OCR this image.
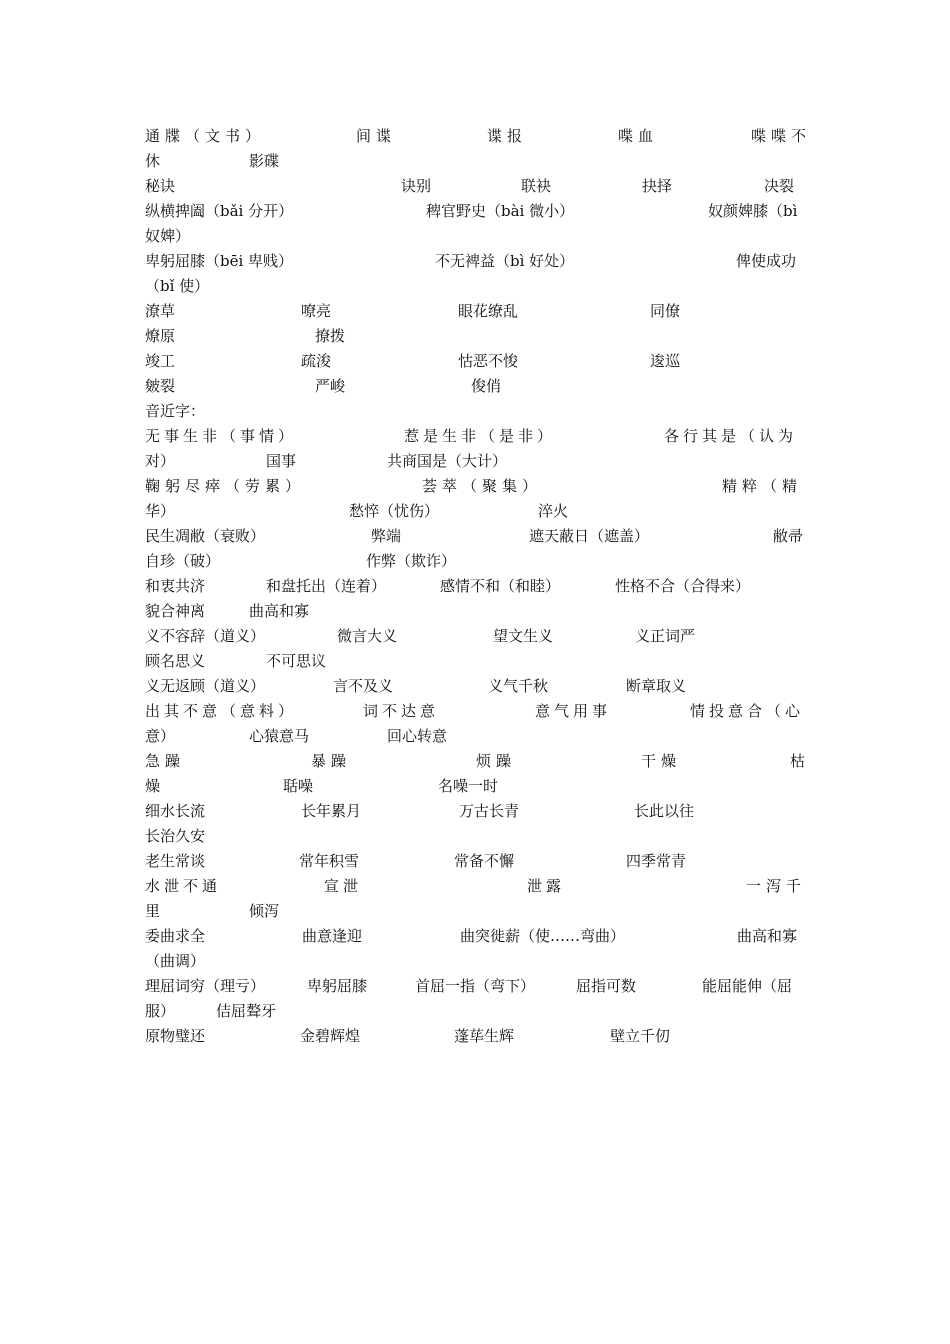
通牒（文书）	间谍	谍报	喋血	喋喋不
休	影碟
秘诀	诀别	联袂	抉择	决裂
纵横捭阖（bǎi 分开）	稗官野史（bài 微小）	奴颜婢膝（bì
奴婢）
卑躬屈膝（bēi 卑贱）	不无裨益（bì 好处）	俾使成功
（bǐ 使）
潦草	嘹亮	眼花缭乱	同僚
燎原	撩拨
竣工	疏浚	怙恶不悛	逡巡
皴裂	严峻	俊俏
音近字：
无事生非（事情）	惹是生非（是非）	各行其是（认为
对）	国事	共商国是（大计）
鞠躬尽瘁（劳累）	荟萃（聚集）	精粹（精
华）	愁悴（忧伤）	淬火
民生凋敝（衰败）	弊端	遮天蔽日（遮盖）	敝帚
自珍（破）	作弊（欺诈）
和衷共济	和盘托出（连着）	感情不和（和睦）	性格不合（合得来）
貌合神离	曲高和寡
义不容辞（道义）	微言大义	望文生义	义正词严
顾名思义	不可思议
义无返顾（道义）	言不及义	义气千秋	断章取义
出其不意（意料）	词不达意	意气用事	情投意合（心
意）	心猿意马	回心转意
急躁	暴躁	烦躁	干燥	枯
燥	聒噪	名噪一时
细水长流	长年累月	万古长青	长此以往
长治久安
老生常谈	常年积雪	常备不懈	四季常青
水泄不通	宣泄	泄露	一泻千
里	倾泻
委曲求全	曲意逢迎	曲突徙薪（使……弯曲）	曲高和寡
（曲调）
理屈词穷（理亏）	卑躬屈膝	首屈一指（弯下）	屈指可数	能屈能伸（屈
服）	佶屈聱牙
原物璧还	金碧辉煌	蓬荜生辉	壁立千仞
